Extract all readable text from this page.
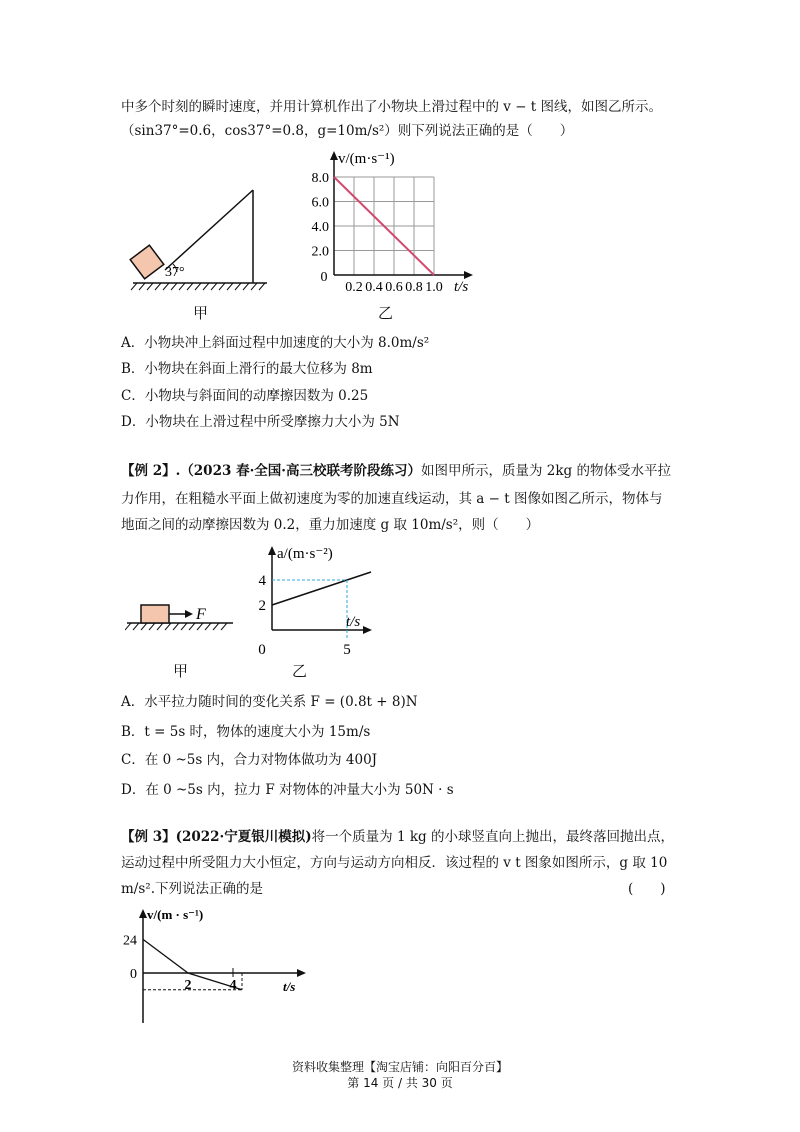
中多个时刻的瞬时速度，并用计算机作出了小物块上滑过程中的 v − t 图线，如图乙所示。
（sin37°=0.6，cos37°=0.8，g=10m/s²）则下列说法正确的是（　　）
37°
甲
0.2 0.4 0.6 0.8 1.0
2.0
4.0
6.0
8.0
0
v/(m·s⁻¹)
t/s
乙
A．小物块冲上斜面过程中加速度的大小为 8.0m/s²
B．小物块在斜面上滑行的最大位移为 8m
C．小物块与斜面间的动摩擦因数为 0.25
D．小物块在上滑过程中所受摩擦力大小为 5N
【例 2】.（2023 春·全国·高三校联考阶段练习）如图甲所示，质量为 2kg 的物体受水平拉
力作用，在粗糙水平面上做初速度为零的加速直线运动，其 a − t 图像如图乙所示，物体与
地面之间的动摩擦因数为 0.2，重力加速度 g 取 10m/s²，则（　　）
F
甲
2
4
5
0
a/(m·s⁻²)
t/s
乙
A．水平拉力随时间的变化关系 F = (0.8t + 8)N
B．t = 5s 时，物体的速度大小为 15m/s
C．在 0 ~5s 内，合力对物体做功为 400J
D．在 0 ~5s 内，拉力 F 对物体的冲量大小为 50N · s
【例 3】(2022·宁夏银川模拟)将一个质量为 1 kg 的小球竖直向上抛出，最终落回抛出点，
运动过程中所受阻力大小恒定，方向与运动方向相反．该过程的 v t 图象如图所示，g 取 10
m/s².下列说法正确的是	(　　)
24
0
2	4
v/(m · s⁻¹)
t/s
资料收集整理【淘宝店铺：向阳百分百】
第 14 页 / 共 30 页
